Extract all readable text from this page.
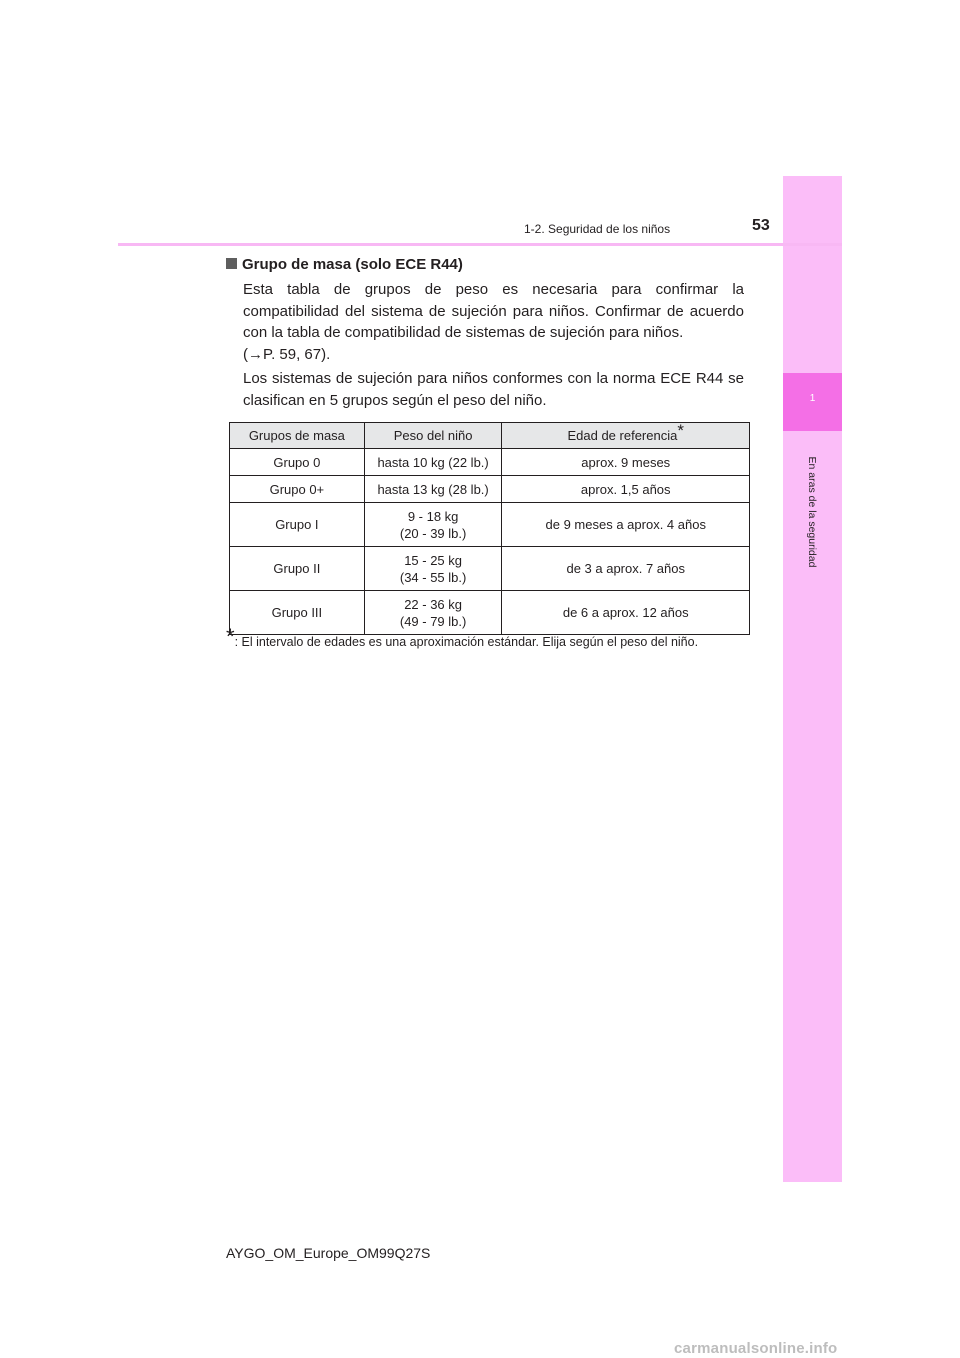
1
En aras de la seguridad
1-2. Seguridad de los niños	53
Grupo de masa (solo ECE R44)
Esta tabla de grupos de peso es necesaria para confirmar la
compatibilidad del sistema de sujeción para niños. Confirmar de acuerdo
con la tabla de compatibilidad de sistemas de sujeción para niños.
(→P. 59, 67).
Los sistemas de sujeción para niños conformes con la norma ECE R44 se
clasifican en 5 grupos según el peso del niño.
Grupos de masa	Peso del niño	Edad de referencia*
Grupo 0	hasta 10 kg (22 lb.)	aprox. 9 meses
Grupo 0+	hasta 13 kg (28 lb.)	aprox. 1,5 años
Grupo I	9 - 18 kg
(20 - 39 lb.)	de 9 meses a aprox. 4 años
Grupo II	15 - 25 kg
(34 - 55 lb.)	de 3 a aprox. 7 años
Grupo III	22 - 36 kg
(49 - 79 lb.)	de 6 a aprox. 12 años
*: El intervalo de edades es una aproximación estándar. Elija según el peso del niño.
AYGO_OM_Europe_OM99Q27S
carmanualsonline.info
